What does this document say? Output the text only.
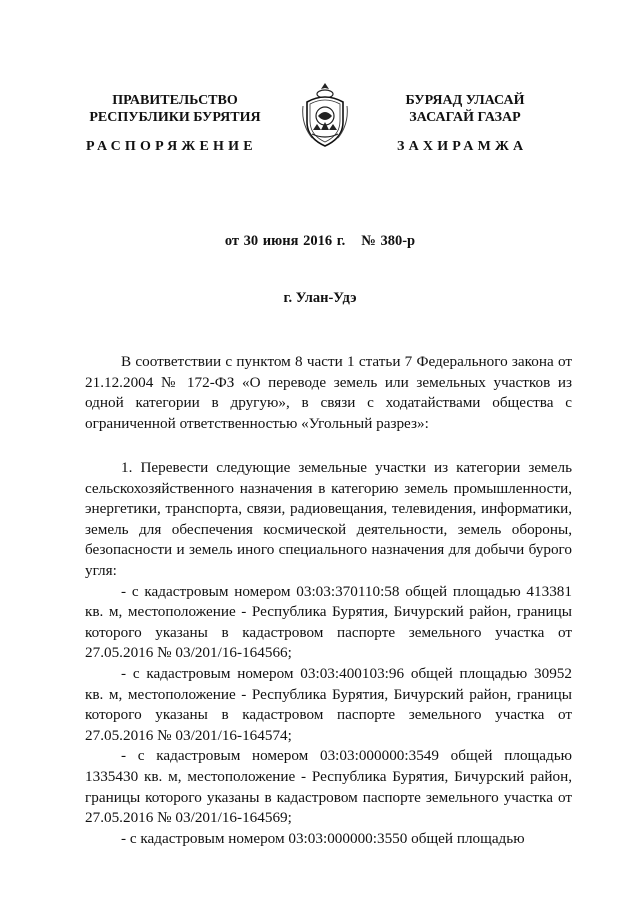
ПРАВИТЕЛЬСТВО
РЕСПУБЛИКИ БУРЯТИЯ
РАСПОРЯЖЕНИЕ
БУРЯАД УЛАСАЙ
ЗАСАГАЙ ГАЗАР
ЗАХИРАМЖА
от 30 июня 2016 г. № 380-р
г. Улан-Удэ

В соответствии с пунктом 8 части 1 статьи 7 Федерального закона от 21.12.2004 № 172-ФЗ «О переводе земель или земельных участков из одной категории в другую», в связи с ходатайствами общества с ограниченной ответственностью «Угольный разрез»:

1. Перевести следующие земельные участки из категории земель сельскохозяйственного назначения в категорию земель промышленности, энергетики, транспорта, связи, радиовещания, телевидения, информатики, земель для обеспечения космической деятельности, земель обороны, безопасности и земель иного специального назначения для добычи бурого угля:

- с кадастровым номером 03:03:370110:58 общей площадью 413381 кв. м, местоположение - Республика Бурятия, Бичурский район, границы которого указаны в кадастровом паспорте земельного участка от 27.05.2016 № 03/201/16-164566;

- с кадастровым номером 03:03:400103:96 общей площадью 30952 кв. м, местоположение - Республика Бурятия, Бичурский район, границы которого указаны в кадастровом паспорте земельного участка от 27.05.2016 № 03/201/16-164574;

- с кадастровым номером 03:03:000000:3549 общей площадью 1335430 кв. м, местоположение - Республика Бурятия, Бичурский район, границы которого указаны в кадастровом паспорте земельного участка от 27.05.2016 № 03/201/16-164569;

- с кадастровым номером 03:03:000000:3550 общей площадью
